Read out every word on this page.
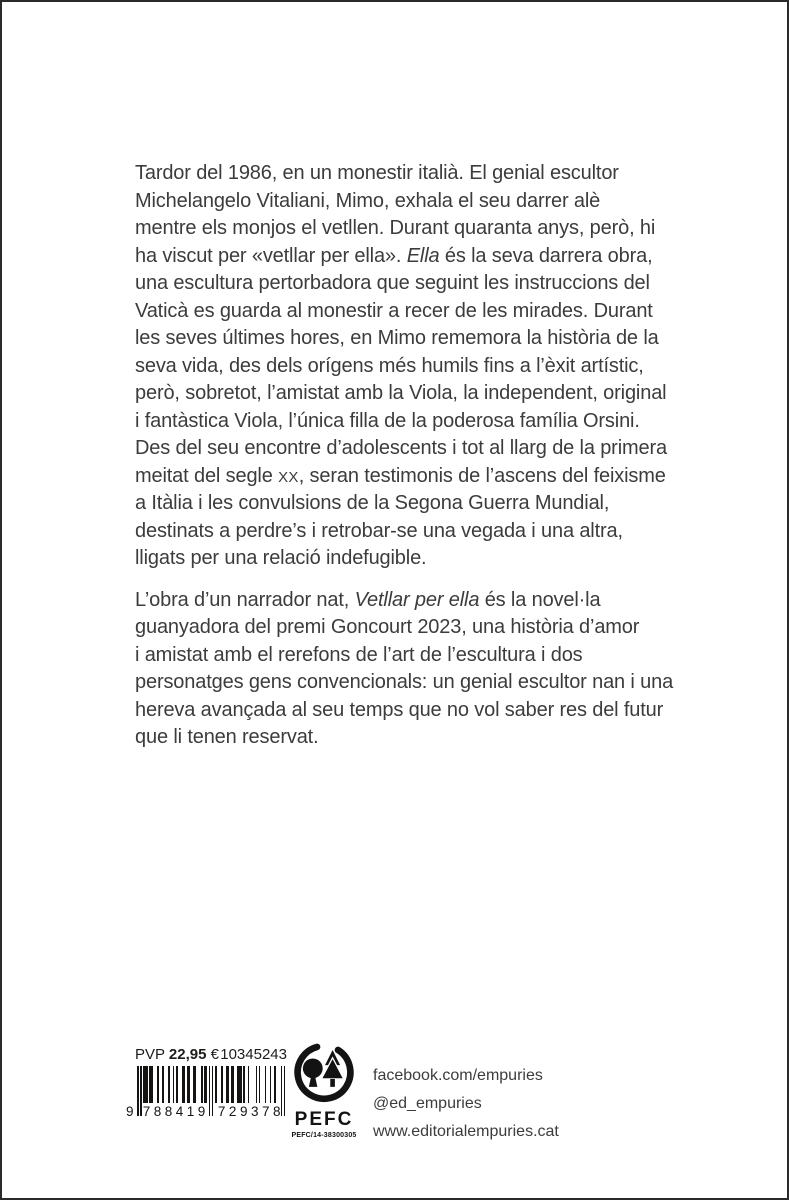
Tardor del 1986, en un monestir italià. El genial escultor
Michelangelo Vitaliani, Mimo, exhala el seu darrer alè
mentre els monjos el vetllen. Durant quaranta anys, però, hi
ha viscut per «vetllar per ella». Ella és la seva darrera obra,
una escultura pertorbadora que seguint les instruccions del
Vaticà es guarda al monestir a recer de les mirades. Durant
les seves últimes hores, en Mimo rememora la història de la
seva vida, des dels orígens més humils fins a l’èxit artístic,
però, sobretot, l’amistat amb la Viola, la independent, original
i fantàstica Viola, l’única filla de la poderosa família Orsini.
Des del seu encontre d’adolescents i tot al llarg de la primera
meitat del segle XX, seran testimonis de l’ascens del feixisme
a Itàlia i les convulsions de la Segona Guerra Mundial,
destinats a perdre’s i retrobar-se una vegada i una altra,
lligats per una relació indefugible.
L’obra d’un narrador nat, Vetllar per ella és la novel·la
guanyadora del premi Goncourt 2023, una història d’amor
i amistat amb el rerefons de l’art de l’escultura i dos
personatges gens convencionals: un genial escultor nan i una
hereva avançada al seu temps que no vol saber res del futur
que li tenen reservat.
PVP 22,95 € 10345243
9 788419 729378 PEFC
PEFC/14-38300305
facebook.com/empuries
@ed_empuries
www.editorialempuries.cat
